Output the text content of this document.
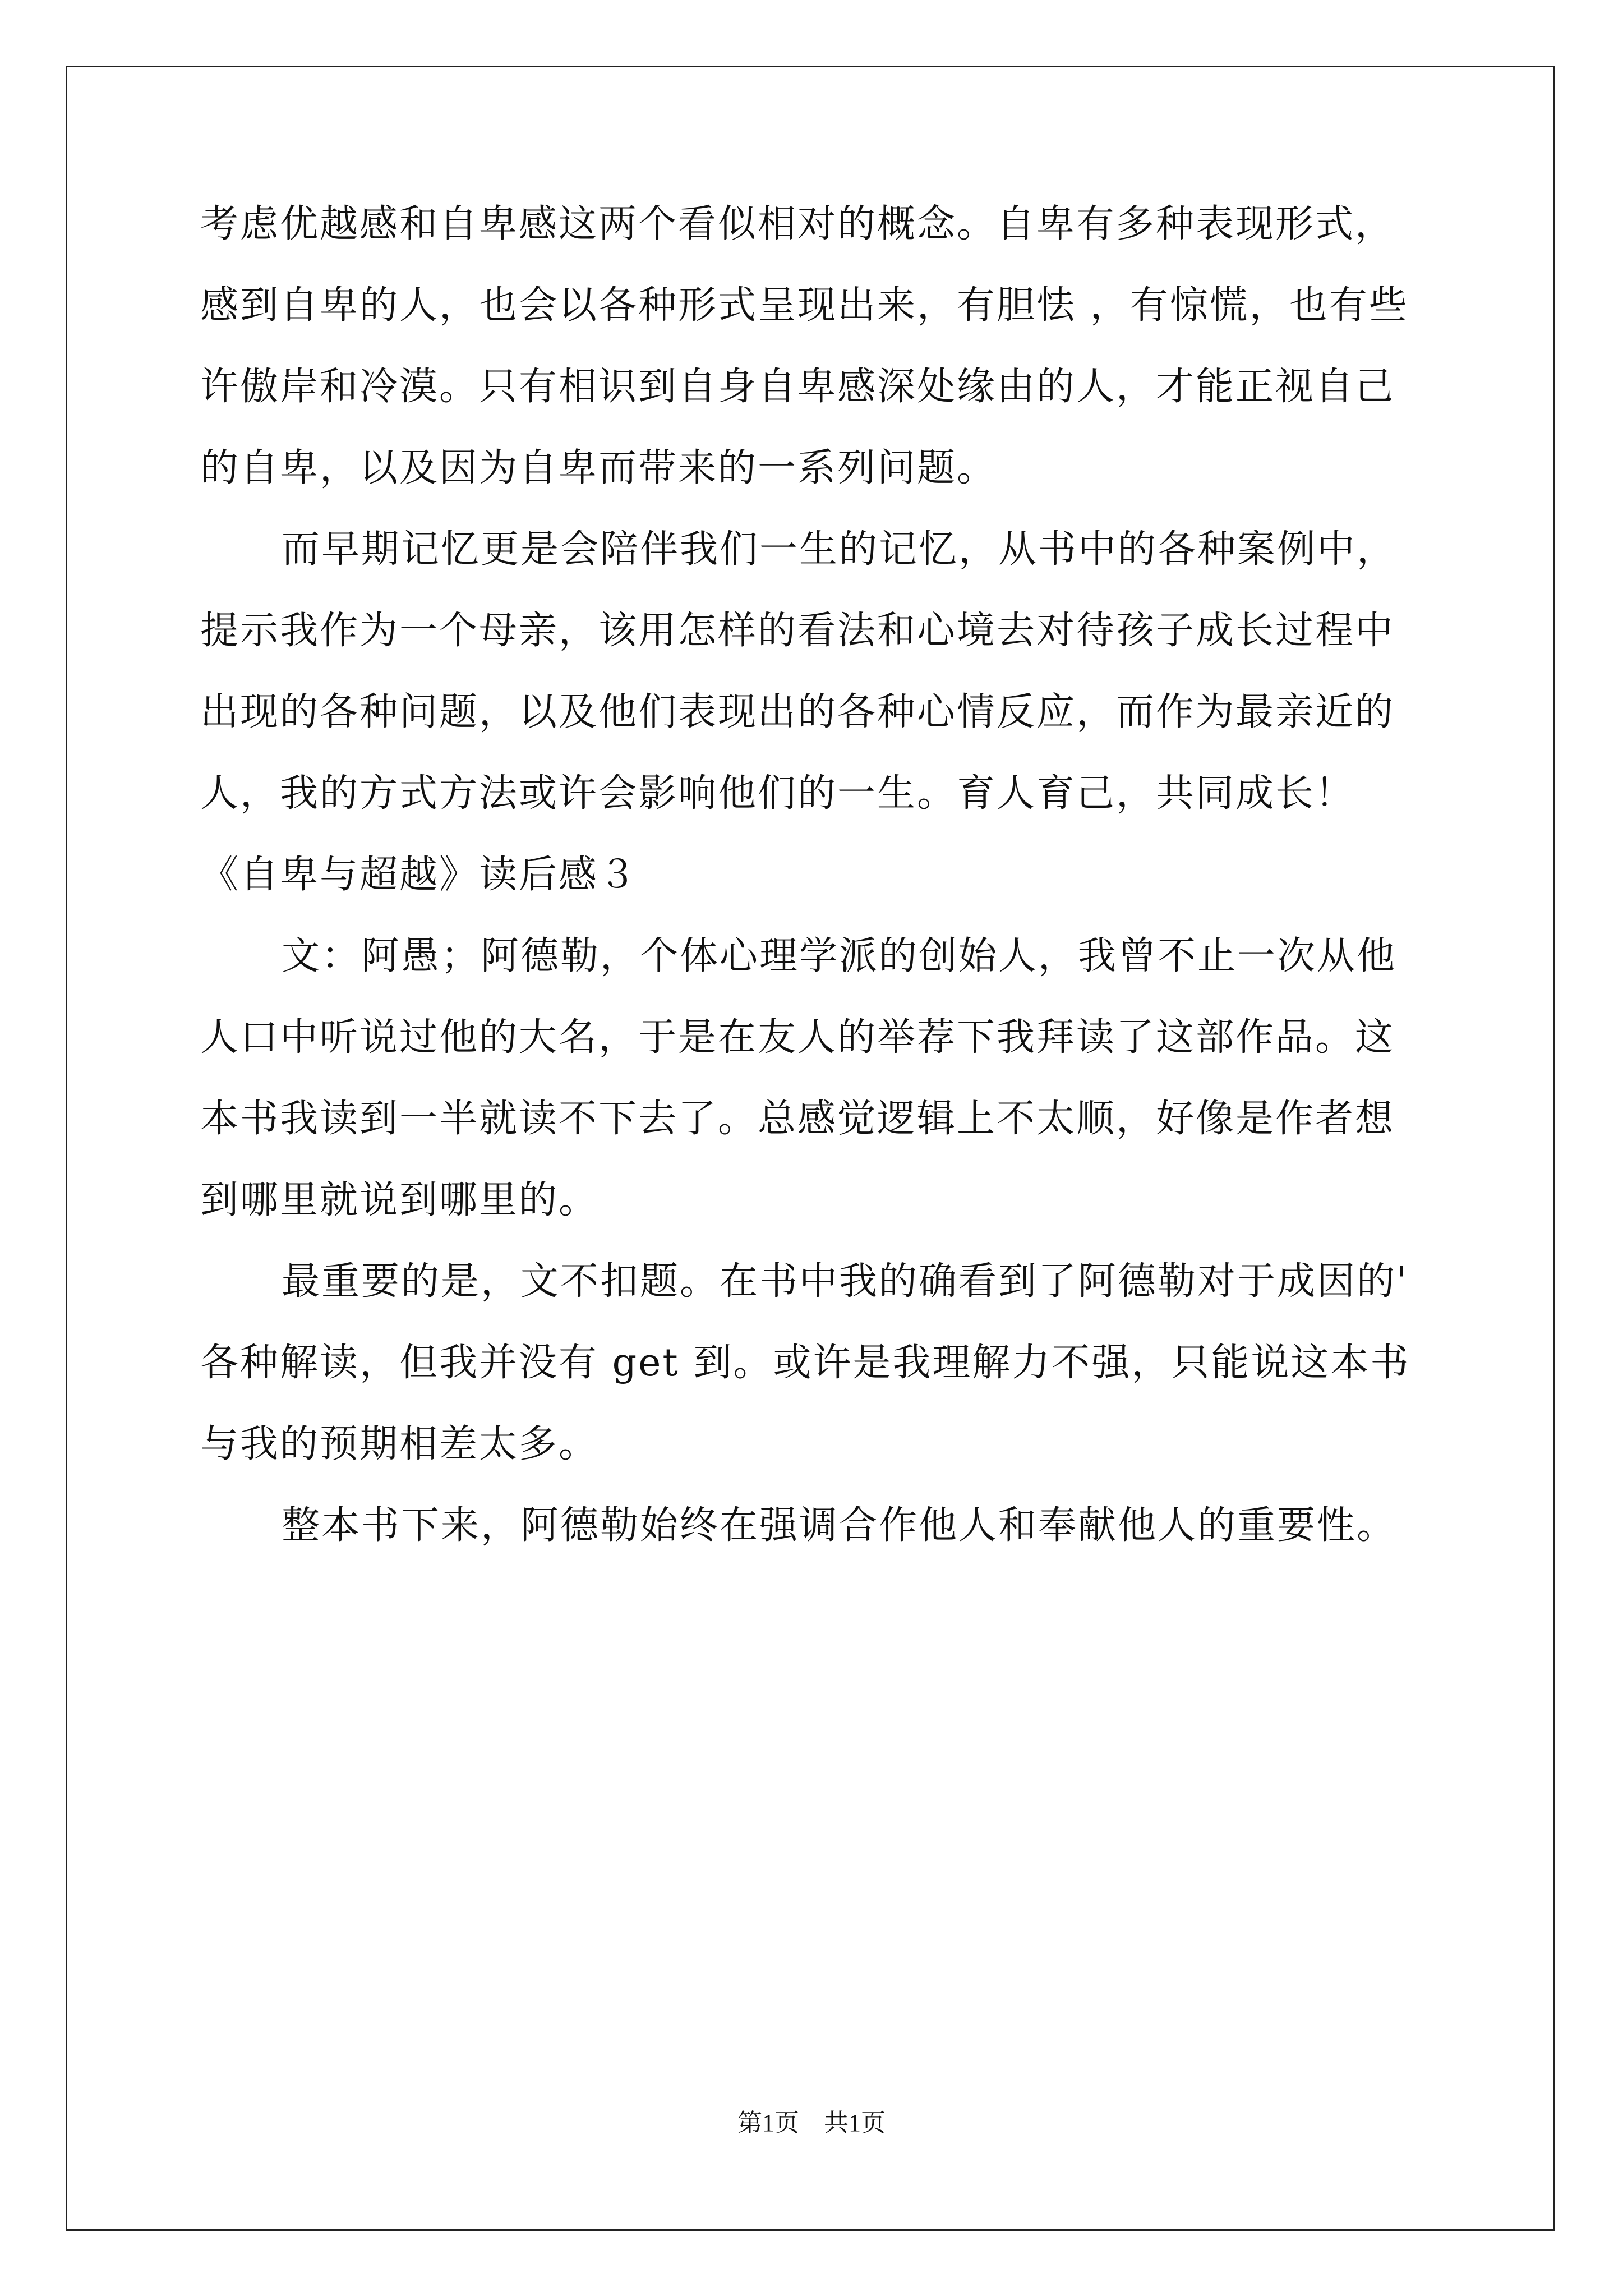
考虑优越感和自卑感这两个看似相对的概念。自卑有多种表现形式，
感到自卑的人，也会以各种形式呈现出来，有胆怯 ，有惊慌，也有些
许傲岸和冷漠。只有相识到自身自卑感深处缘由的人，才能正视自己
的自卑，以及因为自卑而带来的一系列问题。
而早期记忆更是会陪伴我们一生的记忆，从书中的各种案例中，
提示我作为一个母亲，该用怎样的看法和心境去对待孩子成长过程中
出现的各种问题，以及他们表现出的各种心情反应，而作为最亲近的
人，我的方式方法或许会影响他们的一生。育人育己，共同成长！
《自卑与超越》读后感３
文：阿愚；阿德勒，个体心理学派的创始人，我曾不止一次从他
人口中听说过他的大名，于是在友人的举荐下我拜读了这部作品。这
本书我读到一半就读不下去了。总感觉逻辑上不太顺，好像是作者想
到哪里就说到哪里的。
最重要的是，文不扣题。在书中我的确看到了阿德勒对于成因的'
各种解读，但我并没有 get 到。或许是我理解力不强，只能说这本书
与我的预期相差太多。
整本书下来，阿德勒始终在强调合作他人和奉献他人的重要性。
第1页　共1页
